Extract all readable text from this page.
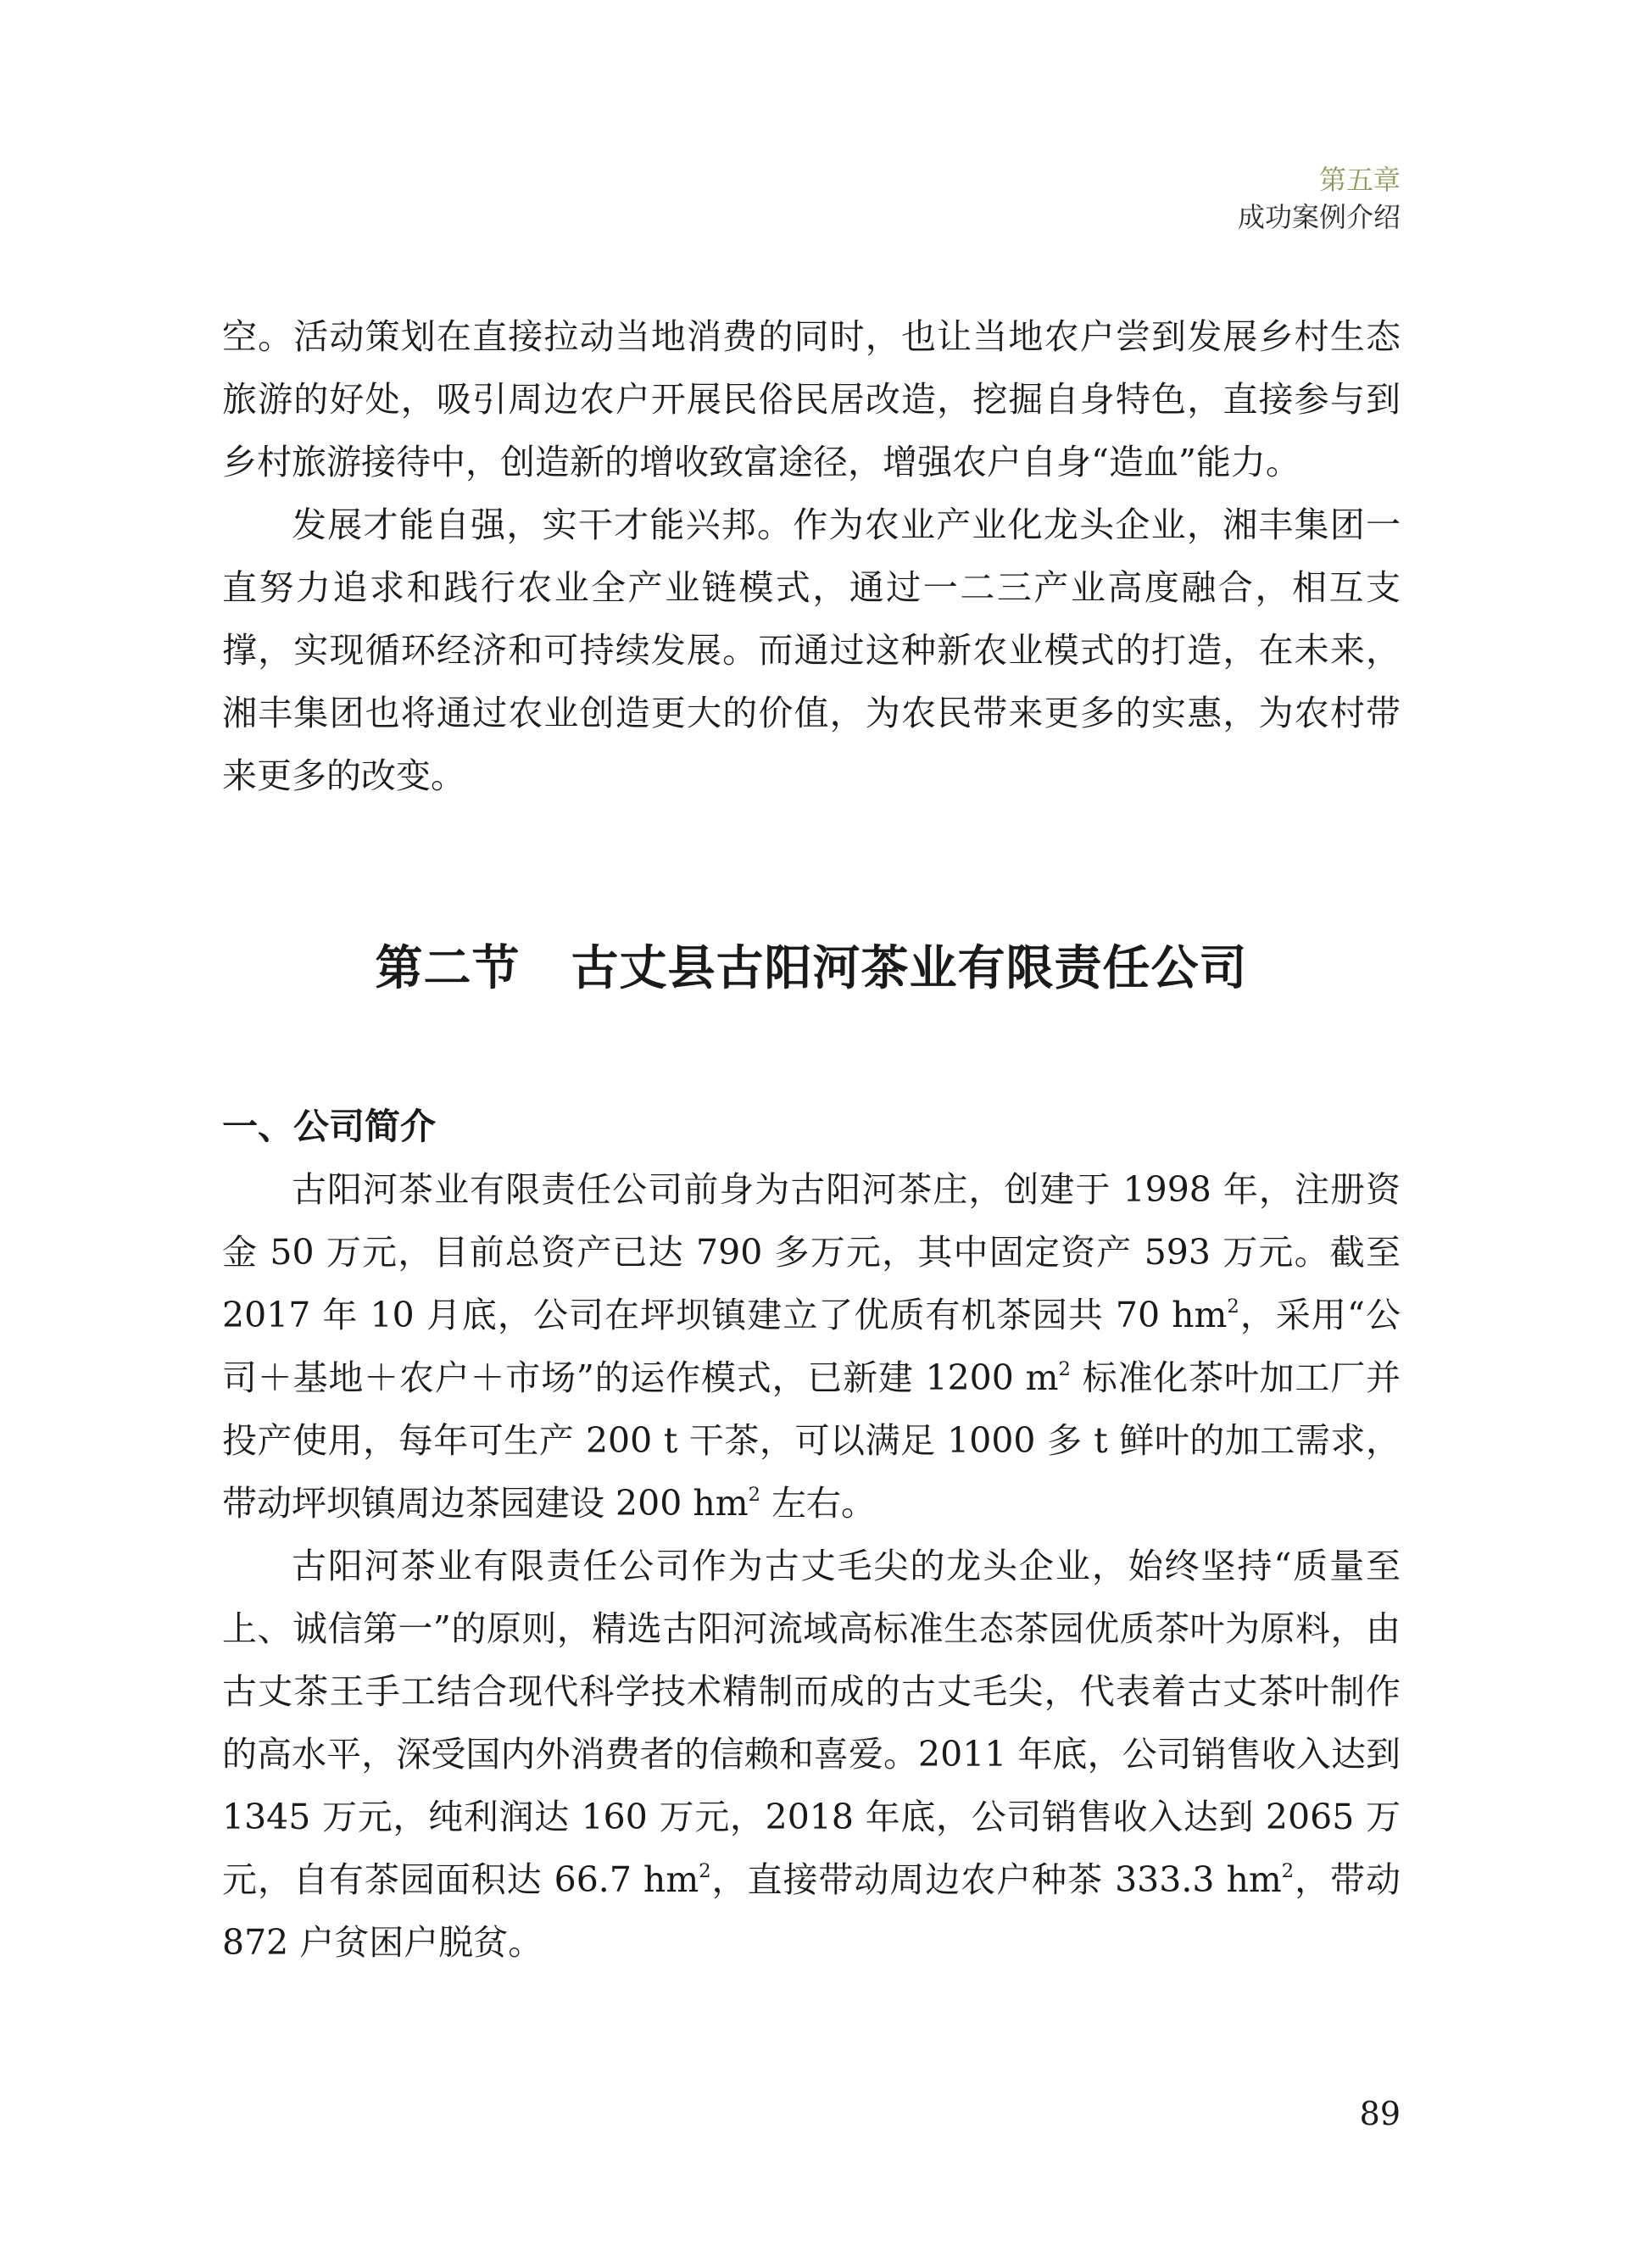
第五章
成功案例介绍

空。活动策划在直接拉动当地消费的同时，也让当地农户尝到发展乡村生态旅游的好处，吸引周边农户开展民俗民居改造，挖掘自身特色，直接参与到乡村旅游接待中，创造新的增收致富途径，增强农户自身“造血”能力。

发展才能自强，实干才能兴邦。作为农业产业化龙头企业，湘丰集团一直努力追求和践行农业全产业链模式，通过一二三产业高度融合，相互支撑，实现循环经济和可持续发展。而通过这种新农业模式的打造，在未来，湘丰集团也将通过农业创造更大的价值，为农民带来更多的实惠，为农村带来更多的改变。

第二节 古丈县古阳河茶业有限责任公司
一、公司简介

古阳河茶业有限责任公司前身为古阳河茶庄，创建于 1998 年，注册资金 50 万元，目前总资产已达 790 多万元，其中固定资产 593 万元。截至 2017 年 10 月底，公司在坪坝镇建立了优质有机茶园共 70 $hm^2$，采用“公司＋基地＋农户＋市场”的运作模式，已新建 1200 $m^2$ 标准化茶叶加工厂并投产使用，每年可生产 200 t 干茶，可以满足 1000 多 t 鲜叶的加工需求，带动坪坝镇周边茶园建设 200 $hm^2$ 左右。

古阳河茶业有限责任公司作为古丈毛尖的龙头企业，始终坚持“质量至上、诚信第一”的原则，精选古阳河流域高标准生态茶园优质茶叶为原料，由古丈茶王手工结合现代科学技术精制而成的古丈毛尖，代表着古丈茶叶制作的高水平，深受国内外消费者的信赖和喜爱。2011 年底，公司销售收入达到 1345 万元，纯利润达 160 万元，2018 年底，公司销售收入达到 2065 万元，自有茶园面积达 66.7 $hm^2$，直接带动周边农户种茶 333.3 $hm^2$，带动 872 户贫困户脱贫。

89
